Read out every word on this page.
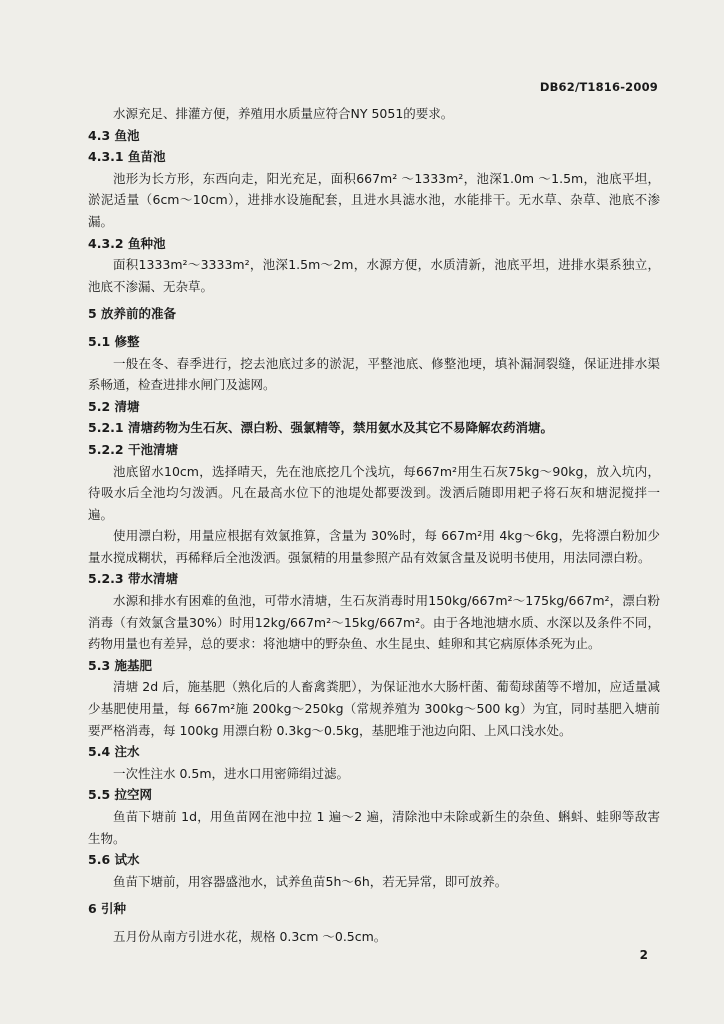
DB62/T1816-2009

水源充足、排灌方便，养殖用水质量应符合NY 5051的要求。

4.3 鱼池

4.3.1 鱼苗池

池形为长方形，东西向走，阳光充足，面积667m² ～1333m²，池深1.0m ～1.5m，池底平坦，淤泥适量（6cm～10cm），进排水设施配套，且进水具滤水池，水能排干。无水草、杂草、池底不渗漏。

4.3.2 鱼种池

面积1333m²～3333m²，池深1.5m～2m，水源方便，水质清新，池底平坦，进排水渠系独立，池底不渗漏、无杂草。

5 放养前的准备

5.1 修整

一般在冬、春季进行，挖去池底过多的淤泥，平整池底、修整池埂，填补漏洞裂缝，保证进排水渠系畅通，检查进排水闸门及滤网。

5.2 清塘

5.2.1 清塘药物为生石灰、漂白粉、强氯精等，禁用氨水及其它不易降解农药消塘。

5.2.2 干池清塘

池底留水10cm，选择晴天，先在池底挖几个浅坑，每667m²用生石灰75kg～90kg，放入坑内，待吸水后全池均匀泼洒。凡在最高水位下的池堤处都要泼到。泼洒后随即用耙子将石灰和塘泥搅拌一遍。

使用漂白粉，用量应根据有效氯推算，含量为 30%时，每 667m²用 4kg～6kg，先将漂白粉加少量水搅成糊状，再稀释后全池泼洒。强氯精的用量参照产品有效氯含量及说明书使用，用法同漂白粉。

5.2.3 带水清塘

水源和排水有困难的鱼池，可带水清塘，生石灰消毒时用150kg/667m²～175kg/667m²，漂白粉消毒（有效氯含量30%）时用12kg/667m²～15kg/667m²。由于各地池塘水质、水深以及条件不同，药物用量也有差异，总的要求：将池塘中的野杂鱼、水生昆虫、蛙卵和其它病原体杀死为止。

5.3 施基肥

清塘 2d 后，施基肥（熟化后的人畜禽粪肥），为保证池水大肠杆菌、葡萄球菌等不增加，应适量减少基肥使用量，每 667m²施 200kg～250kg（常规养殖为 300kg～500 kg）为宜，同时基肥入塘前要严格消毒，每 100kg 用漂白粉 0.3kg～0.5kg，基肥堆于池边向阳、上风口浅水处。

5.4 注水

一次性注水 0.5m，进水口用密筛绢过滤。

5.5 拉空网

鱼苗下塘前 1d，用鱼苗网在池中拉 1 遍～2 遍，清除池中未除或新生的杂鱼、蝌蚪、蛙卵等敌害生物。

5.6 试水

鱼苗下塘前，用容器盛池水，试养鱼苗5h～6h，若无异常，即可放养。

6 引种

五月份从南方引进水花，规格 0.3cm ～0.5cm。

2
